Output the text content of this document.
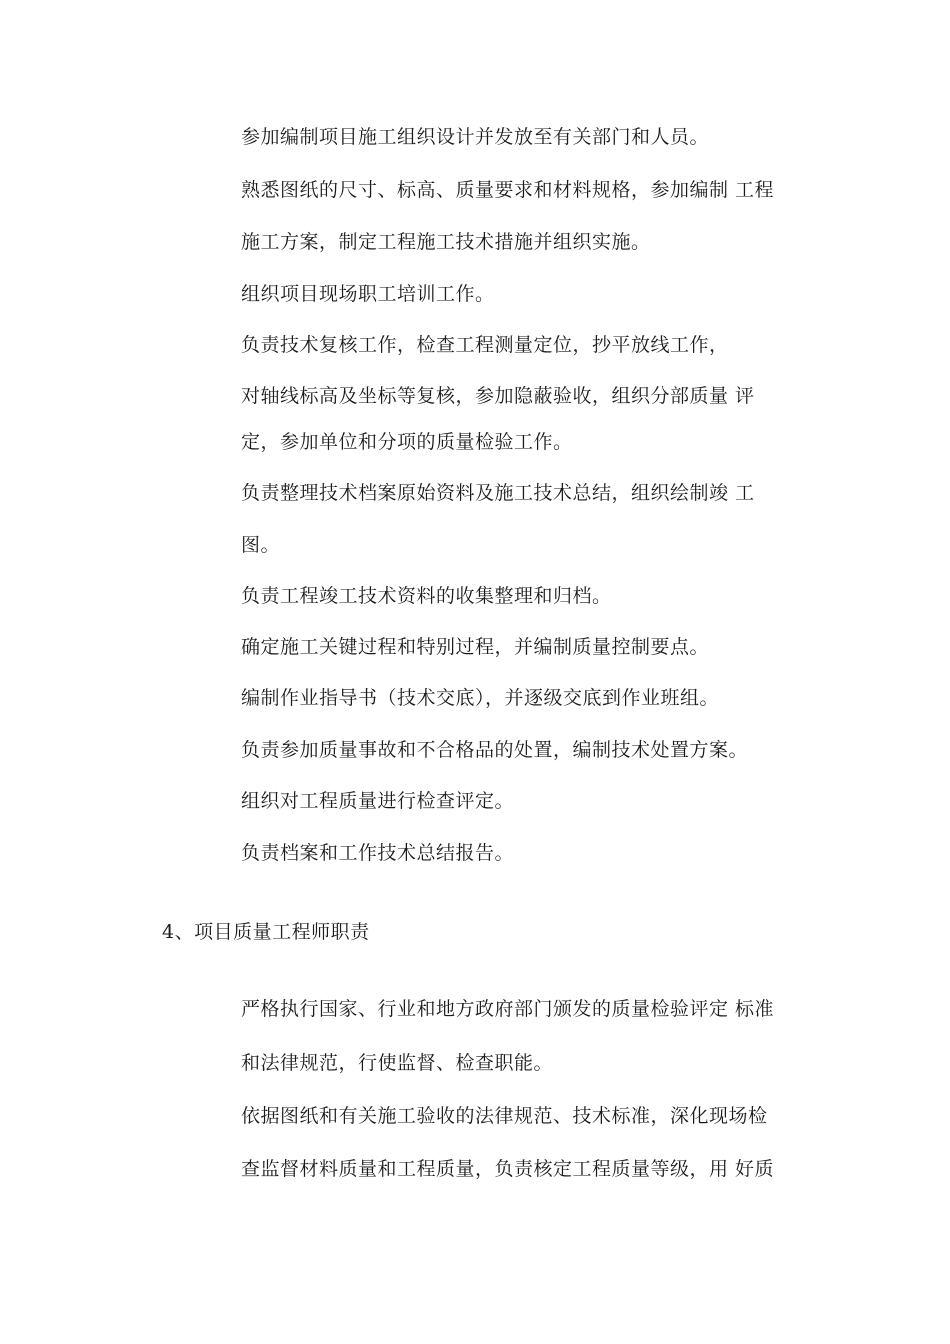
参加编制项目施工组织设计并发放至有关部门和人员。
熟悉图纸的尺寸、标高、质量要求和材料规格，参加编制 工程
施工方案，制定工程施工技术措施并组织实施。
组织项目现场职工培训工作。
负责技术复核工作，检查工程测量定位，抄平放线工作，
对轴线标高及坐标等复核，参加隐蔽验收，组织分部质量 评
定，参加单位和分项的质量检验工作。
负责整理技术档案原始资料及施工技术总结，组织绘制竣 工
图。
负责工程竣工技术资料的收集整理和归档。
确定施工关键过程和特别过程，并编制质量控制要点。
编制作业指导书（技术交底），并逐级交底到作业班组。
负责参加质量事故和不合格品的处置，编制技术处置方案。
组织对工程质量进行检查评定。
负责档案和工作技术总结报告。
4、项目质量工程师职责
严格执行国家、行业和地方政府部门颁发的质量检验评定 标准
和法律规范，行使监督、检查职能。
依据图纸和有关施工验收的法律规范、技术标准，深化现场检
查监督材料质量和工程质量，负责核定工程质量等级，用 好质
